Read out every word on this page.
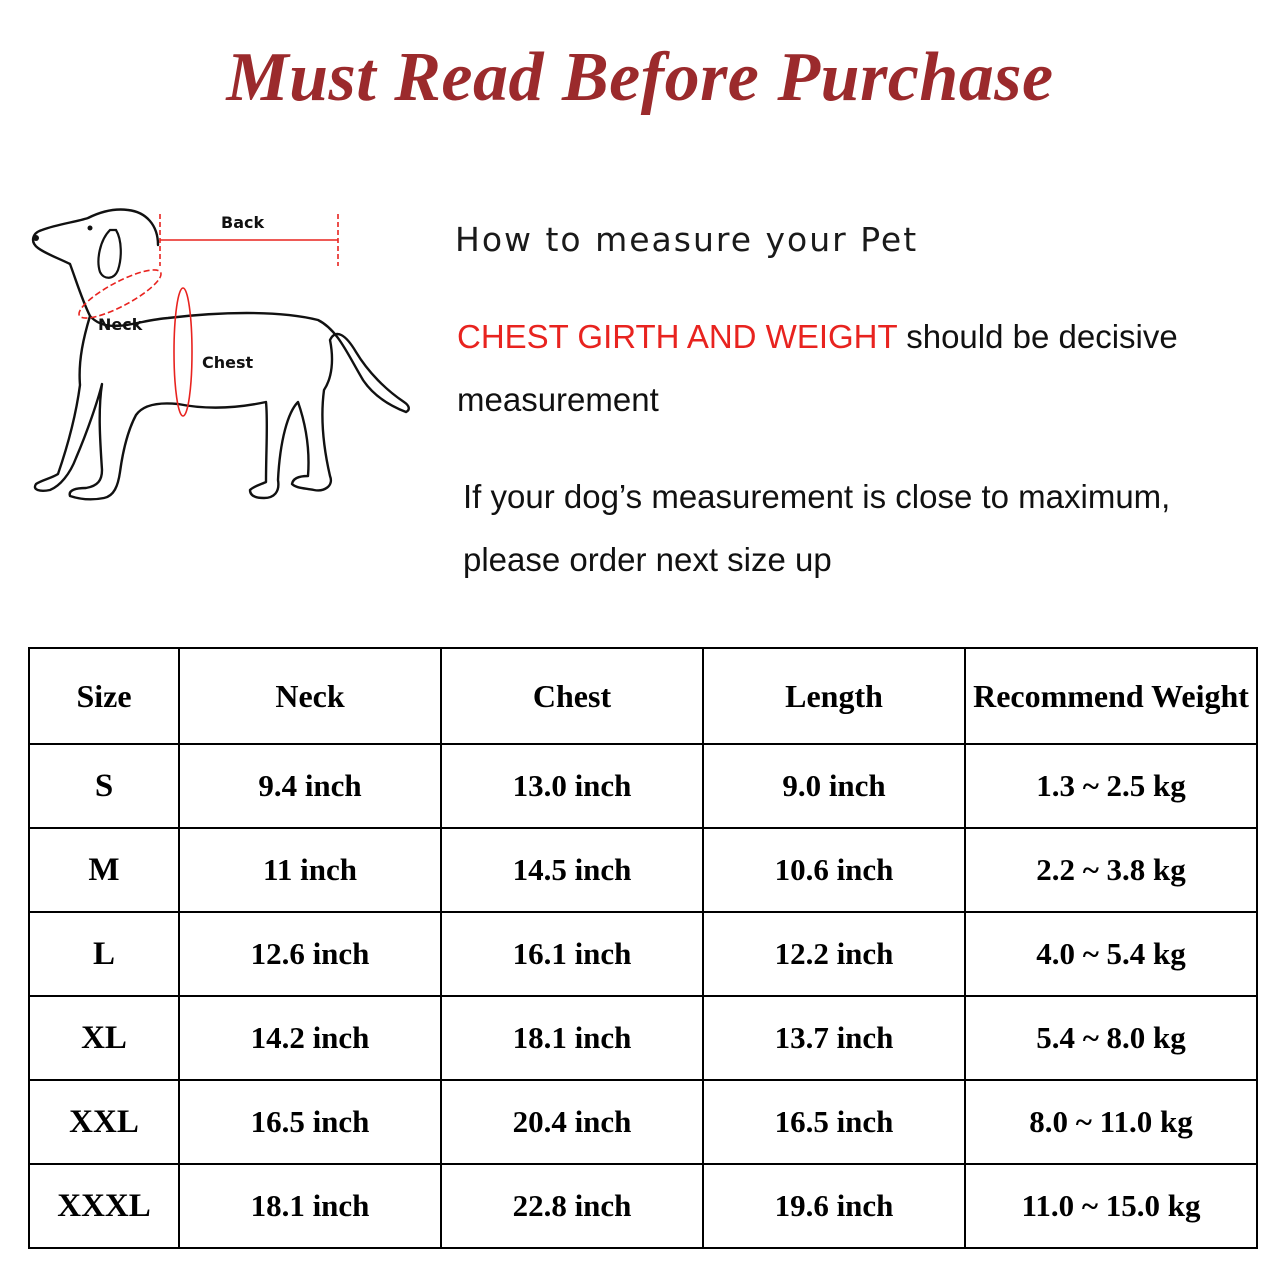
Must Read Before Purchase
Back
Neck
Chest
How to measure your Pet

CHEST GIRTH AND WEIGHT should be decisive measurement

If your dog’s measurement is close to maximum, please order next size up

Size	Neck	Chest	Length	Recommend Weight
S	9.4 inch	13.0 inch	9.0 inch	1.3 ~ 2.5 kg
M	11 inch	14.5 inch	10.6 inch	2.2 ~ 3.8 kg
L	12.6 inch	16.1 inch	12.2 inch	4.0 ~ 5.4 kg
XL	14.2 inch	18.1 inch	13.7 inch	5.4 ~ 8.0 kg
XXL	16.5 inch	20.4 inch	16.5 inch	8.0 ~ 11.0 kg
XXXL	18.1 inch	22.8 inch	19.6 inch	11.0 ~ 15.0 kg
